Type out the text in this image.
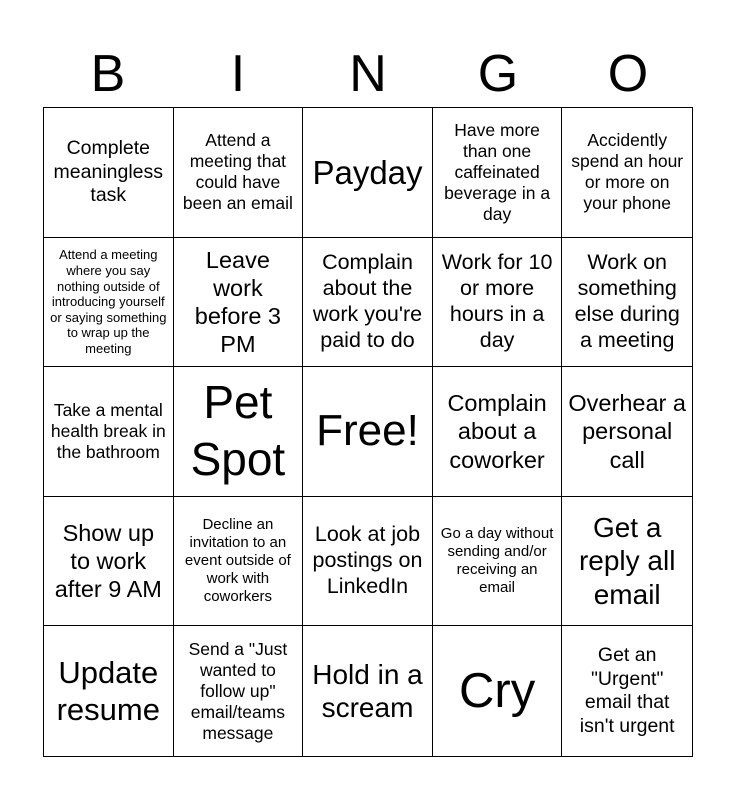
B	I	N	G	O
Complete meaningless task
Attend a meeting that could have been an email
Payday
Have more than one caffeinated beverage in a day
Accidently spend an hour or more on your phone
Attend a meeting where you say nothing outside of introducing yourself or saying something to wrap up the meeting
Leave work before 3 PM
Complain about the work you're paid to do
Work for 10 or more hours in a day
Work on something else during a meeting
Take a mental health break in the bathroom
Pet Spot
Free!
Complain about a coworker
Overhear a personal call
Show up to work after 9 AM
Decline an invitation to an event outside of work with coworkers
Look at job postings on LinkedIn
Go a day without sending and/or receiving an email
Get a reply all email
Update resume
Send a "Just wanted to follow up" email/teams message
Hold in a scream Cry
Get an "Urgent" email that isn't urgent
